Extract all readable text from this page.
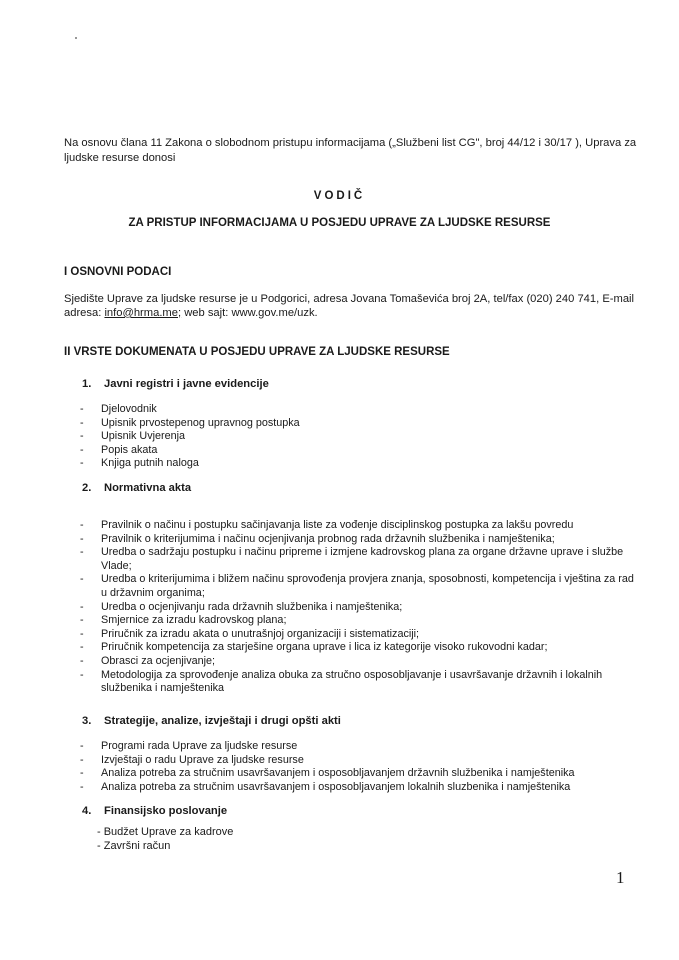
Na osnovu člana 11 Zakona o slobodnom pristupu informacijama („Službeni list CG", broj 44/12 i 30/17 ), Uprava za ljudske resurse donosi
VODIČ
ZA PRISTUP INFORMACIJAMA U POSJEDU UPRAVE ZA LJUDSKE RESURSE
I OSNOVNI PODACI
Sjedište Uprave za ljudske resurse je u Podgorici, adresa Jovana Tomaševića broj 2A, tel/fax (020) 240 741, E-mail adresa: info@hrma.me; web sajt: www.gov.me/uzk.
II VRSTE DOKUMENATA U POSJEDU UPRAVE ZA LJUDSKE RESURSE
1. Javni registri i javne evidencije
-	Djelovodnik
-	Upisnik prvostepenog upravnog postupka
-	Upisnik Uvjerenja
-	Popis akata
-	Knjiga putnih naloga
2. Normativna akta
-	Pravilnik o načinu i postupku sačinjavanja liste za vođenje disciplinskog postupka za lakšu povredu
-	Pravilnik o kriterijumima i načinu ocjenjivanja probnog rada državnih službenika i namještenika;
-	Uredba o sadržaju postupku i načinu pripreme i izmjene kadrovskog plana za organe državne uprave i službe Vlade;
-	Uredba o kriterijumima i bližem načinu sprovođenja provjera znanja, sposobnosti, kompetencija i vještina za rad u državnim organima;
-	Uredba o ocjenjivanju rada državnih službenika i namještenika;
-	Smjernice za izradu kadrovskog plana;
-	Priručnik za izradu akata o unutrašnjoj organizaciji i sistematizaciji;
-	Priručnik kompetencija za starješine organa uprave i lica iz kategorije visoko rukovodni kadar;
-	Obrasci za ocjenjivanje;
-	Metodologija za sprovođenje analiza obuka za stručno osposobljavanje i usavršavanje državnih i lokalnih službenika i namještenika
3. Strategije, analize, izvještaji i drugi opšti akti
-	Programi rada Uprave za ljudske resurse
-	Izvještaji o radu Uprave za ljudske resurse
-	Analiza potreba za stručnim usavršavanjem i osposobljavanjem državnih službenika i namještenika
-	Analiza potreba za stručnim usavršavanjem i osposobljavanjem lokalnih sluzbenika i namještenika
4. Finansijsko poslovanje
- Budžet Uprave za kadrove
- Završni račun
1
